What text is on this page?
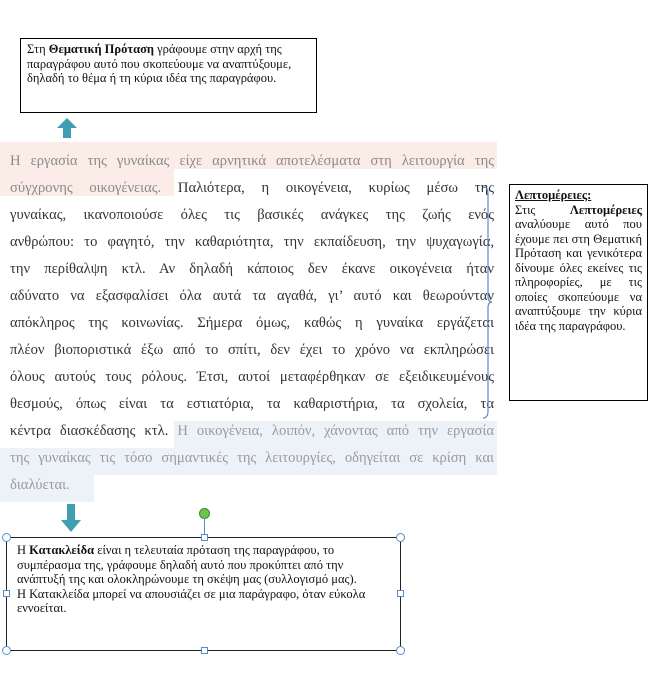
Στη Θεματική Πρόταση γράφουμε στην αρχή της παραγράφου αυτό που σκοπεύουμε να αναπτύξουμε, δηλαδή το θέμα ή τη κύρια ιδέα της παραγράφου.
Η εργασία της γυναίκας είχε αρνητικά αποτελέσματα στη λειτουργία της
σύγχρονης οικογένειας. Παλιότερα, η οικογένεια, κυρίως μέσω της
γυναίκας, ικανοποιούσε όλες τις βασικές ανάγκες της ζωής ενός
ανθρώπου: το φαγητό, την καθαριότητα, την εκπαίδευση, την ψυχαγωγία,
την περίθαλψη κτλ. Αν δηλαδή κάποιος δεν έκανε οικογένεια ήταν
αδύνατο να εξασφαλίσει όλα αυτά τα αγαθά, γι’ αυτό και θεωρούνταν
απόκληρος της κοινωνίας. Σήμερα όμως, καθώς η γυναίκα εργάζεται
πλέον βιοποριστικά έξω από το σπίτι, δεν έχει το χρόνο να εκπληρώσει
όλους αυτούς τους ρόλους. Έτσι, αυτοί μεταφέρθηκαν σε εξειδικευμένους
θεσμούς, όπως είναι τα εστιατόρια, τα καθαριστήρια, τα σχολεία, τα
κέντρα διασκέδασης κτλ. Η οικογένεια, λοιπόν, χάνοντας από την εργασία
της γυναίκας τις τόσο σημαντικές της λειτουργίες, οδηγείται σε κρίση και
διαλύεται.
Λεπτομέρειες:
Στις Λεπτομέρειες αναλύουμε αυτό που έχουμε πει στη Θεματική Πρόταση και γενικότερα δίνουμε όλες εκείνες τις πληροφορίες, με τις οποίες σκοπεύουμε να αναπτύξουμε την κύρια ιδέα της παραγράφου.

Η Κατακλείδα είναι η τελευταία πρόταση της παραγράφου, το συμπέρασμα της, γράφουμε δηλαδή αυτό που προκύπτει από την ανάπτυξή της και ολοκληρώνουμε τη σκέψη μας (συλλογισμό μας).

Η Κατακλείδα μπορεί να απουσιάζει σε μια παράγραφο, όταν εύκολα εννοείται.
